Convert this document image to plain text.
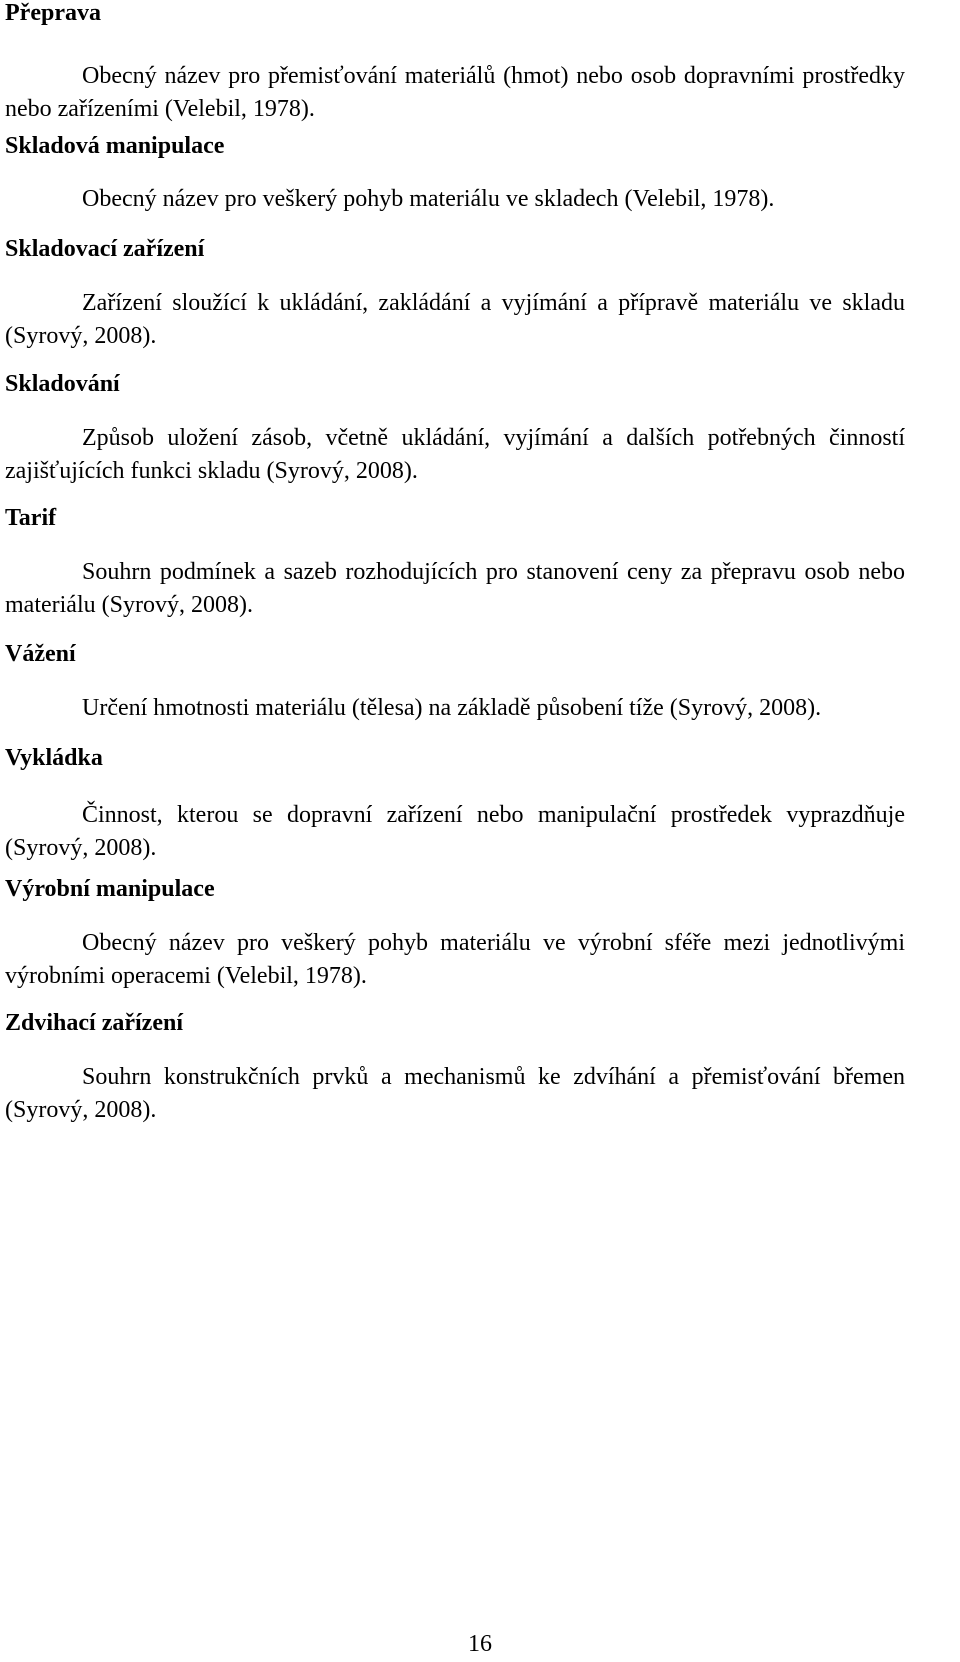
Přeprava

Obecný název pro přemisťování materiálů (hmot) nebo osob dopravními prostředky nebo zařízeními (Velebil, 1978).

Skladová manipulace

Obecný název pro veškerý pohyb materiálu ve skladech (Velebil, 1978).

Skladovací zařízení

Zařízení sloužící k ukládání, zakládání a vyjímání a přípravě materiálu ve skladu (Syrový, 2008).

Skladování

Způsob uložení zásob, včetně ukládání, vyjímání a dalších potřebných činností zajišťujících funkci skladu (Syrový, 2008).

Tarif

Souhrn podmínek a sazeb rozhodujících pro stanovení ceny za přepravu osob nebo materiálu (Syrový, 2008).

Vážení

Určení hmotnosti materiálu (tělesa) na základě působení tíže (Syrový, 2008).

Vykládka

Činnost, kterou se dopravní zařízení nebo manipulační prostředek vyprazdňuje (Syrový, 2008).

Výrobní manipulace

Obecný název pro veškerý pohyb materiálu ve výrobní sféře mezi jednotlivými výrobními operacemi (Velebil, 1978).

Zdvihací zařízení

Souhrn konstrukčních prvků a mechanismů ke zdvíhání a přemisťování břemen (Syrový, 2008).

16
